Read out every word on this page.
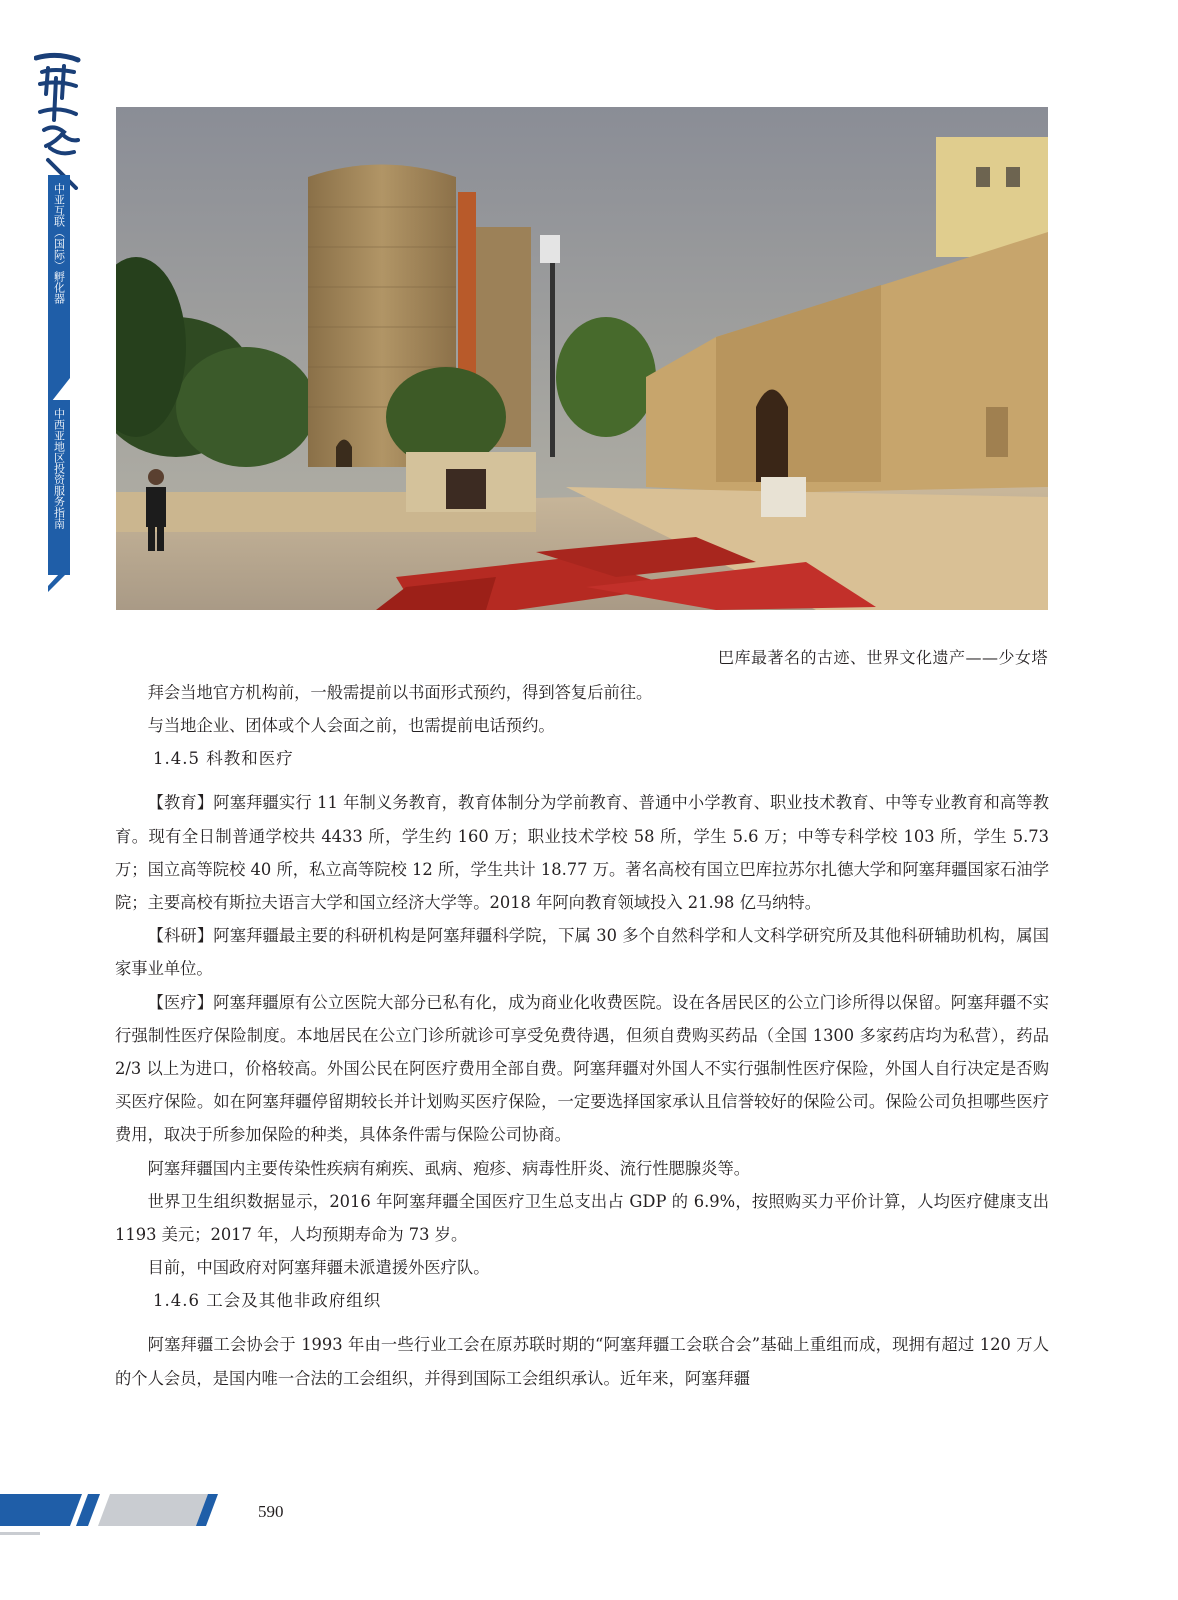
中亚互联（国际）孵化器
中西亚地区投资服务指南
巴库最著名的古迹、世界文化遗产——少女塔

拜会当地官方机构前，一般需提前以书面形式预约，得到答复后前往。

与当地企业、团体或个人会面之前，也需提前电话预约。

1.4.5 科教和医疗

【教育】阿塞拜疆实行 11 年制义务教育，教育体制分为学前教育、普通中小学教育、职业技术教育、中等专业教育和高等教育。现有全日制普通学校共 4433 所，学生约 160 万；职业技术学校 58 所，学生 5.6 万；中等专科学校 103 所，学生 5.73 万；国立高等院校 40 所，私立高等院校 12 所，学生共计 18.77 万。著名高校有国立巴库拉苏尔扎德大学和阿塞拜疆国家石油学院；主要高校有斯拉夫语言大学和国立经济大学等。2018 年阿向教育领域投入 21.98 亿马纳特。

【科研】阿塞拜疆最主要的科研机构是阿塞拜疆科学院，下属 30 多个自然科学和人文科学研究所及其他科研辅助机构，属国家事业单位。

【医疗】阿塞拜疆原有公立医院大部分已私有化，成为商业化收费医院。设在各居民区的公立门诊所得以保留。阿塞拜疆不实行强制性医疗保险制度。本地居民在公立门诊所就诊可享受免费待遇，但须自费购买药品（全国 1300 多家药店均为私营），药品 2/3 以上为进口，价格较高。外国公民在阿医疗费用全部自费。阿塞拜疆对外国人不实行强制性医疗保险，外国人自行决定是否购买医疗保险。如在阿塞拜疆停留期较长并计划购买医疗保险，一定要选择国家承认且信誉较好的保险公司。保险公司负担哪些医疗费用，取决于所参加保险的种类，具体条件需与保险公司协商。

阿塞拜疆国内主要传染性疾病有痢疾、虱病、疱疹、病毒性肝炎、流行性腮腺炎等。

世界卫生组织数据显示，2016 年阿塞拜疆全国医疗卫生总支出占 GDP 的 6.9%，按照购买力平价计算，人均医疗健康支出 1193 美元；2017 年，人均预期寿命为 73 岁。

目前，中国政府对阿塞拜疆未派遣援外医疗队。

1.4.6 工会及其他非政府组织

阿塞拜疆工会协会于 1993 年由一些行业工会在原苏联时期的“阿塞拜疆工会联合会”基础上重组而成，现拥有超过 120 万人的个人会员，是国内唯一合法的工会组织，并得到国际工会组织承认。近年来，阿塞拜疆

590
